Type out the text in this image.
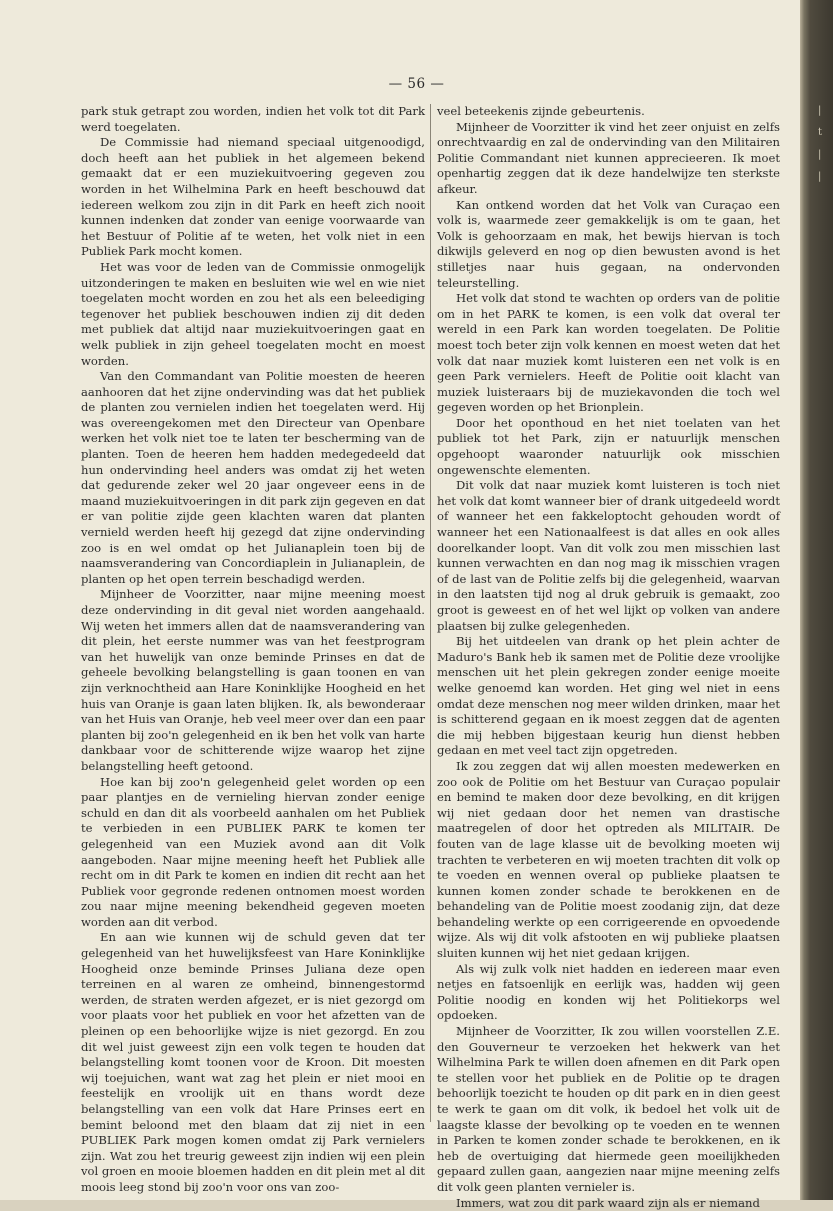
|
t
|
|
— 56 —

park stuk getrapt zou worden, indien het volk tot dit Park werd toegelaten.

De Commissie had niemand speciaal uitgenoodigd, doch heeft aan het publiek in het algemeen bekend gemaakt dat er een muziekuitvoering gegeven zou worden in het Wilhelmina Park en heeft beschouwd dat iedereen welkom zou zijn in dit Park en heeft zich nooit kunnen indenken dat zonder van eenige voorwaarde van het Bestuur of Politie af te weten, het volk niet in een Publiek Park mocht komen.

Het was voor de leden van de Commissie onmogelijk uitzonderingen te maken en besluiten wie wel en wie niet toegelaten mocht worden en zou het als een beleediging tegenover het publiek beschouwen indien zij dit deden met publiek dat altijd naar muziekuitvoeringen gaat en welk publiek in zijn geheel toegelaten mocht en moest worden.

Van den Commandant van Politie moesten de heeren aanhooren dat het zijne ondervinding was dat het publiek de planten zou vernielen indien het toegelaten werd. Hij was overeengekomen met den Directeur van Openbare werken het volk niet toe te laten ter bescherming van de planten. Toen de heeren hem hadden medegedeeld dat hun ondervinding heel anders was omdat zij het weten dat gedurende zeker wel 20 jaar ongeveer eens in de maand muziekuitvoeringen in dit park zijn gegeven en dat er van politie zijde geen klachten waren dat planten vernield werden heeft hij gezegd dat zijne ondervinding zoo is en wel omdat op het Julianaplein toen bij de naamsverandering van Concordiaplein in Julianaplein, de planten op het open terrein beschadigd werden.

Mijnheer de Voorzitter, naar mijne meening moest deze ondervinding in dit geval niet worden aangehaald. Wij weten het immers allen dat de naamsverandering van dit plein, het eerste nummer was van het feestprogram van het huwelijk van onze beminde Prinses en dat de geheele bevolking belangstelling is gaan toonen en van zijn verknochtheid aan Hare Koninklijke Hoogheid en het huis van Oranje is gaan laten blijken. Ik, als bewonderaar van het Huis van Oranje, heb veel meer over dan een paar planten bij zoo'n gelegenheid en ik ben het volk van harte dankbaar voor de schitterende wijze waarop het zijne belangstelling heeft getoond.

Hoe kan bij zoo'n gelegenheid gelet worden op een paar plantjes en de vernieling hiervan zonder eenige schuld en dan dit als voorbeeld aanhalen om het Publiek te verbieden in een PUBLIEK PARK te komen ter gelegenheid van een Muziek avond aan dit Volk aangeboden. Naar mijne meening heeft het Publiek alle recht om in dit Park te komen en indien dit recht aan het Publiek voor gegronde redenen ontnomen moest worden zou naar mijne meening bekendheid gegeven moeten worden aan dit verbod.

En aan wie kunnen wij de schuld geven dat ter gelegenheid van het huwelijksfeest van Hare Koninklijke Hoogheid onze beminde Prinses Juliana deze open terreinen en al waren ze omheind, binnengestormd werden, de straten werden afgezet, er is niet gezorgd om voor plaats voor het publiek en voor het afzetten van de pleinen op een behoorlijke wijze is niet gezorgd. En zou dit wel juist geweest zijn een volk tegen te houden dat belangstelling komt toonen voor de Kroon. Dit moesten wij toejuichen, want wat zag het plein er niet mooi en feestelijk en vroolijk uit en thans wordt deze belangstelling van een volk dat Hare Prinses eert en bemint beloond met den blaam dat zij niet in een PUBLIEK Park mogen komen omdat zij Park vernielers zijn. Wat zou het treurig geweest zijn indien wij een plein vol groen en mooie bloemen hadden en dit plein met al dit moois leeg stond bij zoo'n voor ons van zoo-

veel beteekenis zijnde gebeurtenis.

Mijnheer de Voorzitter ik vind het zeer onjuist en zelfs onrechtvaardig en zal de ondervinding van den Militairen Politie Commandant niet kunnen apprecieeren. Ik moet openhartig zeggen dat ik deze handelwijze ten sterkste afkeur.

Kan ontkend worden dat het Volk van Curaçao een volk is, waarmede zeer gemakkelijk is om te gaan, het Volk is gehoorzaam en mak, het bewijs hiervan is toch dikwijls geleverd en nog op dien bewusten avond is het stilletjes naar huis gegaan, na ondervonden teleurstelling.

Het volk dat stond te wachten op orders van de politie om in het PARK te komen, is een volk dat overal ter wereld in een Park kan worden toegelaten. De Politie moest toch beter zijn volk kennen en moest weten dat het volk dat naar muziek komt luisteren een net volk is en geen Park vernielers. Heeft de Politie ooit klacht van muziek luisteraars bij de muziekavonden die toch wel gegeven worden op het Brionplein.

Door het oponthoud en het niet toelaten van het publiek tot het Park, zijn er natuurlijk menschen opgehoopt waaronder natuurlijk ook misschien ongewenschte elementen.

Dit volk dat naar muziek komt luisteren is toch niet het volk dat komt wanneer bier of drank uitgedeeld wordt of wanneer het een fakkeloptocht gehouden wordt of wanneer het een Nationaalfeest is dat alles en ook alles doorelkander loopt. Van dit volk zou men misschien last kunnen verwachten en dan nog mag ik misschien vragen of de last van de Politie zelfs bij die gelegenheid, waarvan in den laatsten tijd nog al druk gebruik is gemaakt, zoo groot is geweest en of het wel lijkt op volken van andere plaatsen bij zulke gelegenheden.

Bij het uitdeelen van drank op het plein achter de Maduro's Bank heb ik samen met de Politie deze vroolijke menschen uit het plein gekregen zonder eenige moeite welke genoemd kan worden. Het ging wel niet in eens omdat deze menschen nog meer wilden drinken, maar het is schitterend gegaan en ik moest zeggen dat de agenten die mij hebben bijgestaan keurig hun dienst hebben gedaan en met veel tact zijn opgetreden.

Ik zou zeggen dat wij allen moesten medewerken en zoo ook de Politie om het Bestuur van Curaçao populair en bemind te maken door deze bevolking, en dit krijgen wij niet gedaan door het nemen van drastische maatregelen of door het optreden als MILITAIR. De fouten van de lage klasse uit de bevolking moeten wij trachten te verbeteren en wij moeten trachten dit volk op te voeden en wennen overal op publieke plaatsen te kunnen komen zonder schade te berokkenen en de behandeling van de Politie moest zoodanig zijn, dat deze behandeling werkte op een corrigeerende en opvoedende wijze. Als wij dit volk afstooten en wij publieke plaatsen sluiten kunnen wij het niet gedaan krijgen.

Als wij zulk volk niet hadden en iedereen maar even netjes en fatsoenlijk en eerlijk was, hadden wij geen Politie noodig en konden wij het Politiekorps wel opdoeken.

Mijnheer de Voorzitter, Ik zou willen voorstellen Z.E. den Gouverneur te verzoeken het hekwerk van het Wilhelmina Park te willen doen afnemen en dit Park open te stellen voor het publiek en de Politie op te dragen behoorlijk toezicht te houden op dit park en in dien geest te werk te gaan om dit volk, ik bedoel het volk uit de laagste klasse der bevolking op te voeden en te wennen in Parken te komen zonder schade te berokkenen, en ik heb de overtuiging dat hiermede geen moeilijkheden gepaard zullen gaan, aangezien naar mijne meening zelfs dit volk geen planten vernieler is.

Immers, wat zou dit park waard zijn als er niemand
